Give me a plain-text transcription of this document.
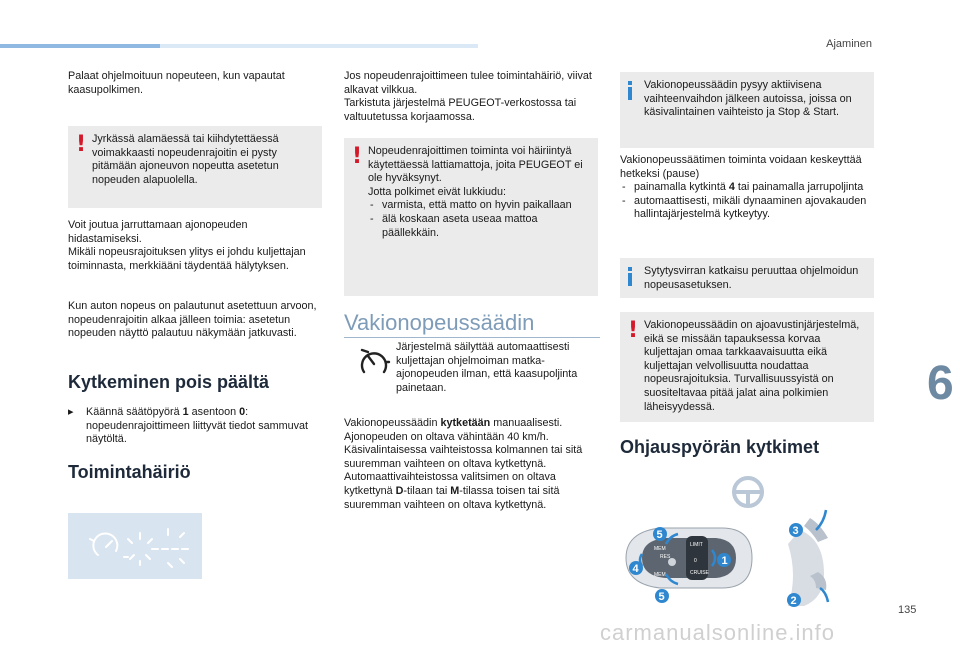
Ajaminen
Palaat ohjelmoituun nopeuteen, kun vapautat kaasupolkimen.
! Jyrkässä alamäessä tai kiihdytettäessä voimakkaasti nopeudenrajoitin ei pysty pitämään ajoneuvon nopeutta asetetun nopeuden alapuolella.
Voit joutua jarruttamaan ajonopeuden hidastamiseksi.
Mikäli nopeusrajoituksen ylitys ei johdu kuljettajan toiminnasta, merkkiääni täydentää hälytyksen.
Kun auton nopeus on palautunut asetettuun arvoon, nopeudenrajoitin alkaa jälleen toimia: asetetun nopeuden näyttö palautuu näkymään jatkuvasti.
Kytkeminen pois päältä
▸	Käännä säätöpyörä 1 asentoon 0: nopeudenrajoittimeen liittyvät tiedot sammuvat näytöltä.
Toimintahäiriö
Jos nopeudenrajoittimeen tulee toimintahäiriö, viivat alkavat vilkkua.
Tarkistuta järjestelmä PEUGEOT-verkostossa tai valtuutetussa korjaamossa.
! Nopeudenrajoittimen toiminta voi häiriintyä käytettäessä lattiamattoja, joita PEUGEOT ei ole hyväksynyt.
Jotta polkimet eivät lukkiudu:
- varmista, että matto on hyvin paikallaan
- älä koskaan aseta useaa mattoa päällekkäin.
Vakionopeussäädin
Järjestelmä säilyttää automaattisesti kuljettajan ohjelmoiman matka-ajonopeuden ilman, että kaasupoljinta painetaan.
Vakionopeussäädin kytketään manuaalisesti.
Ajonopeuden on oltava vähintään 40 km/h.
Käsivalintaisessa vaihteistossa kolmannen tai sitä suuremman vaihteen on oltava kytkettynä.
Automaattivaihteistossa valitsimen on oltava kytkettynä D-tilaan tai M-tilassa toisen tai sitä suuremman vaihteen on oltava kytkettynä.
Vakionopeussäädin pysyy aktiivisena vaihteenvaihdon jälkeen autoissa, joissa on käsivalintainen vaihteisto ja Stop & Start.
Vakionopeussäätimen toiminta voidaan keskeyttää hetkeksi (pause)
- painamalla kytkintä 4 tai painamalla jarrupoljinta
- automaattisesti, mikäli dynaaminen ajovakauden hallintajärjestelmä kytkeytyy.
Sytytysvirran katkaisu peruuttaa ohjelmoidun nopeusasetuksen.
! Vakionopeussäädin on ajoavustinjärjestelmä, eikä se missään tapauksessa korvaa kuljettajan omaa tarkkaavaisuutta eikä kuljettajan velvollisuutta noudattaa nopeusrajoituksia. Turvallisuussyistä on suositeltavaa pitää jalat aina polkimien läheisyydessä.
Ohjauspyörän kytkimet
MEM
RES
LIMIT
0
CRUISE
MEM
5
4
5
3
2
1
6
135
carmanualsonline.info
